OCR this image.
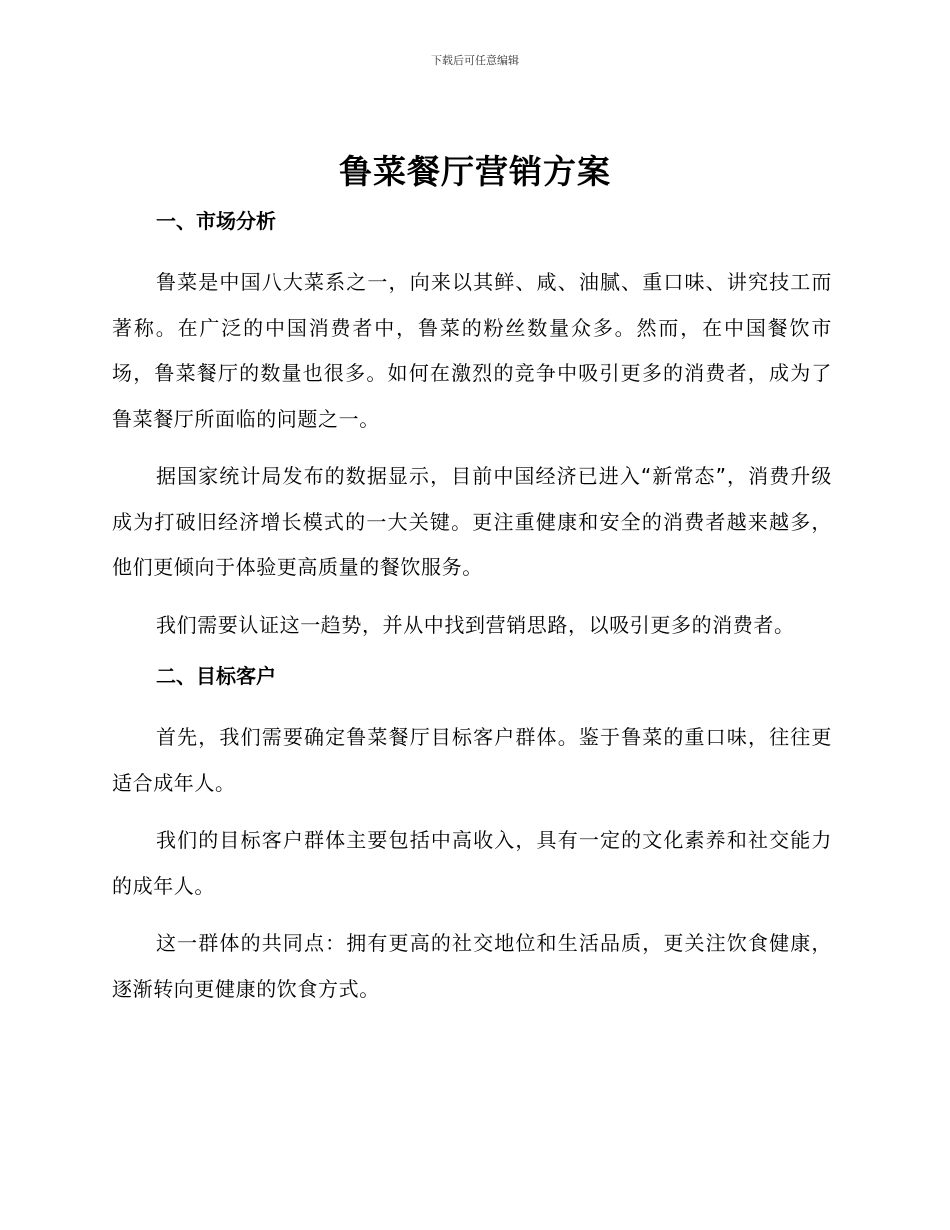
下载后可任意编辑
鲁菜餐厅营销方案
一、市场分析

鲁菜是中国八大菜系之一，向来以其鲜、咸、油腻、重口味、讲究技工而著称。在广泛的中国消费者中，鲁菜的粉丝数量众多。然而，在中国餐饮市场，鲁菜餐厅的数量也很多。如何在激烈的竞争中吸引更多的消费者，成为了鲁菜餐厅所面临的问题之一。

据国家统计局发布的数据显示，目前中国经济已进入“新常态”，消费升级成为打破旧经济增长模式的一大关键。更注重健康和安全的消费者越来越多，他们更倾向于体验更高质量的餐饮服务。

我们需要认证这一趋势，并从中找到营销思路，以吸引更多的消费者。

二、目标客户

首先，我们需要确定鲁菜餐厅目标客户群体。鉴于鲁菜的重口味，往往更适合成年人。

我们的目标客户群体主要包括中高收入，具有一定的文化素养和社交能力的成年人。

这一群体的共同点：拥有更高的社交地位和生活品质，更关注饮食健康，逐渐转向更健康的饮食方式。
